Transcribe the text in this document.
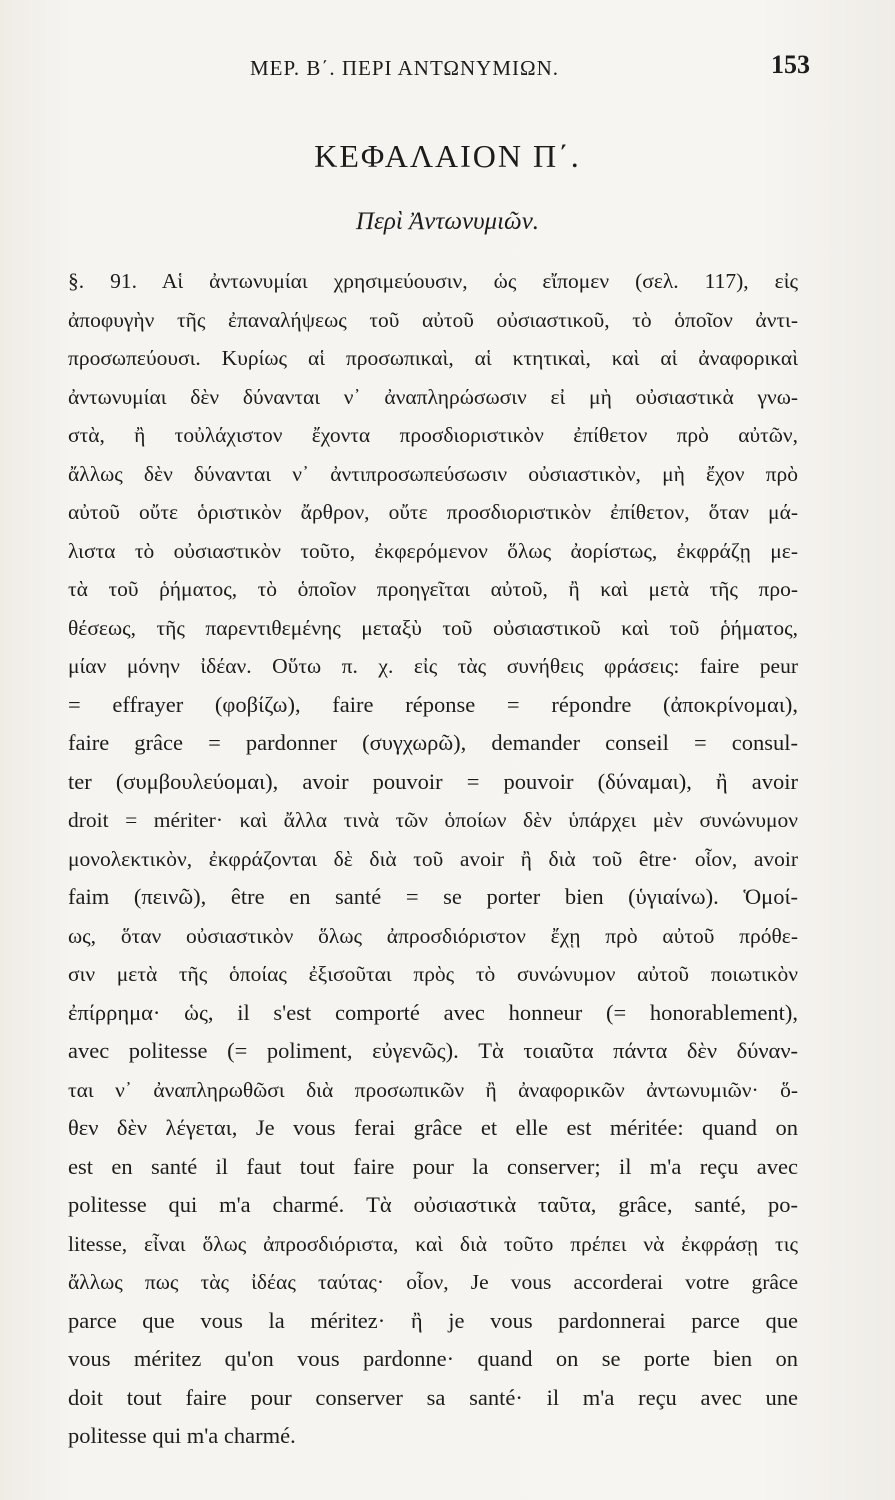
ΜΕΡ. Β΄. ΠΕΡΙ ΑΝΤΩΝΥΜΙΩΝ.	153
ΚΕΦΑΛΑΙΟΝ Π΄.
Περὶ Ἀντωνυμιῶν.
§. 91. Αἱ ἀντωνυμίαι χρησιμεύουσιν, ὡς εἴπομεν (σελ. 117), εἰς
ἀποφυγὴν τῆς ἐπαναλήψεως τοῦ αὐτοῦ οὐσιαστικοῦ, τὸ ὁποῖον ἀντι-
προσωπεύουσι. Κυρίως αἱ προσωπικαὶ, αἱ κτητικαὶ, καὶ αἱ ἀναφορικαὶ
ἀντωνυμίαι δὲν δύνανται ν᾿ ἀναπληρώσωσιν εἰ μὴ οὐσιαστικὰ γνω-
στὰ, ἢ τοὐλάχιστον ἔχοντα προσδιοριστικὸν ἐπίθετον πρὸ αὐτῶν,
ἄλλως δὲν δύνανται ν᾿ ἀντιπροσωπεύσωσιν οὐσιαστικὸν, μὴ ἔχον πρὸ
αὐτοῦ οὔτε ὁριστικὸν ἄρθρον, οὔτε προσδιοριστικὸν ἐπίθετον, ὅταν μά-
λιστα τὸ οὐσιαστικὸν τοῦτο, ἐκφερόμενον ὅλως ἀορίστως, ἐκφράζῃ με-
τὰ τοῦ ῥήματος, τὸ ὁποῖον προηγεῖται αὐτοῦ, ἢ καὶ μετὰ τῆς προ-
θέσεως, τῆς παρεντιθεμένης μεταξὺ τοῦ οὐσιαστικοῦ καὶ τοῦ ῥήματος,
μίαν μόνην ἰδέαν. Οὕτω π. χ. εἰς τὰς συνήθεις φράσεις: faire peur
= effrayer (φοβίζω), faire réponse = répondre (ἀποκρίνομαι),
faire grâce = pardonner (συγχωρῶ), demander conseil = consul-
ter (συμβουλεύομαι), avoir pouvoir = pouvoir (δύναμαι), ἢ avoir
droit = mériter· καὶ ἄλλα τινὰ τῶν ὁποίων δὲν ὑπάρχει μὲν συνώνυμον
μονολεκτικὸν, ἐκφράζονται δὲ διὰ τοῦ avoir ἢ διὰ τοῦ être· οἷον, avoir
faim (πεινῶ), être en santé = se porter bien (ὑγιαίνω). Ὁμοί-
ως, ὅταν οὐσιαστικὸν ὅλως ἀπροσδιόριστον ἔχῃ πρὸ αὐτοῦ πρόθε-
σιν μετὰ τῆς ὁποίας ἐξισοῦται πρὸς τὸ συνώνυμον αὐτοῦ ποιωτικὸν
ἐπίρρημα· ὡς, il s'est comporté avec honneur (= honorablement),
avec politesse (= poliment, εὐγενῶς). Τὰ τοιαῦτα πάντα δὲν δύναν-
ται ν᾿ ἀναπληρωθῶσι διὰ προσωπικῶν ἢ ἀναφορικῶν ἀντωνυμιῶν· ὅ-
θεν δὲν λέγεται, Je vous ferai grâce et elle est méritée: quand on
est en santé il faut tout faire pour la conserver; il m'a reçu avec
politesse qui m'a charmé. Τὰ οὐσιαστικὰ ταῦτα, grâce, santé, po-
litesse, εἶναι ὅλως ἀπροσδιόριστα, καὶ διὰ τοῦτο πρέπει νὰ ἐκφράσῃ τις
ἄλλως πως τὰς ἰδέας ταύτας· οἷον, Je vous accorderai votre grâce
parce que vous la méritez· ἢ je vous pardonnerai parce que
vous méritez qu'on vous pardonne· quand on se porte bien on
doit tout faire pour conserver sa santé· il m'a reçu avec une
politesse qui m'a charmé.
